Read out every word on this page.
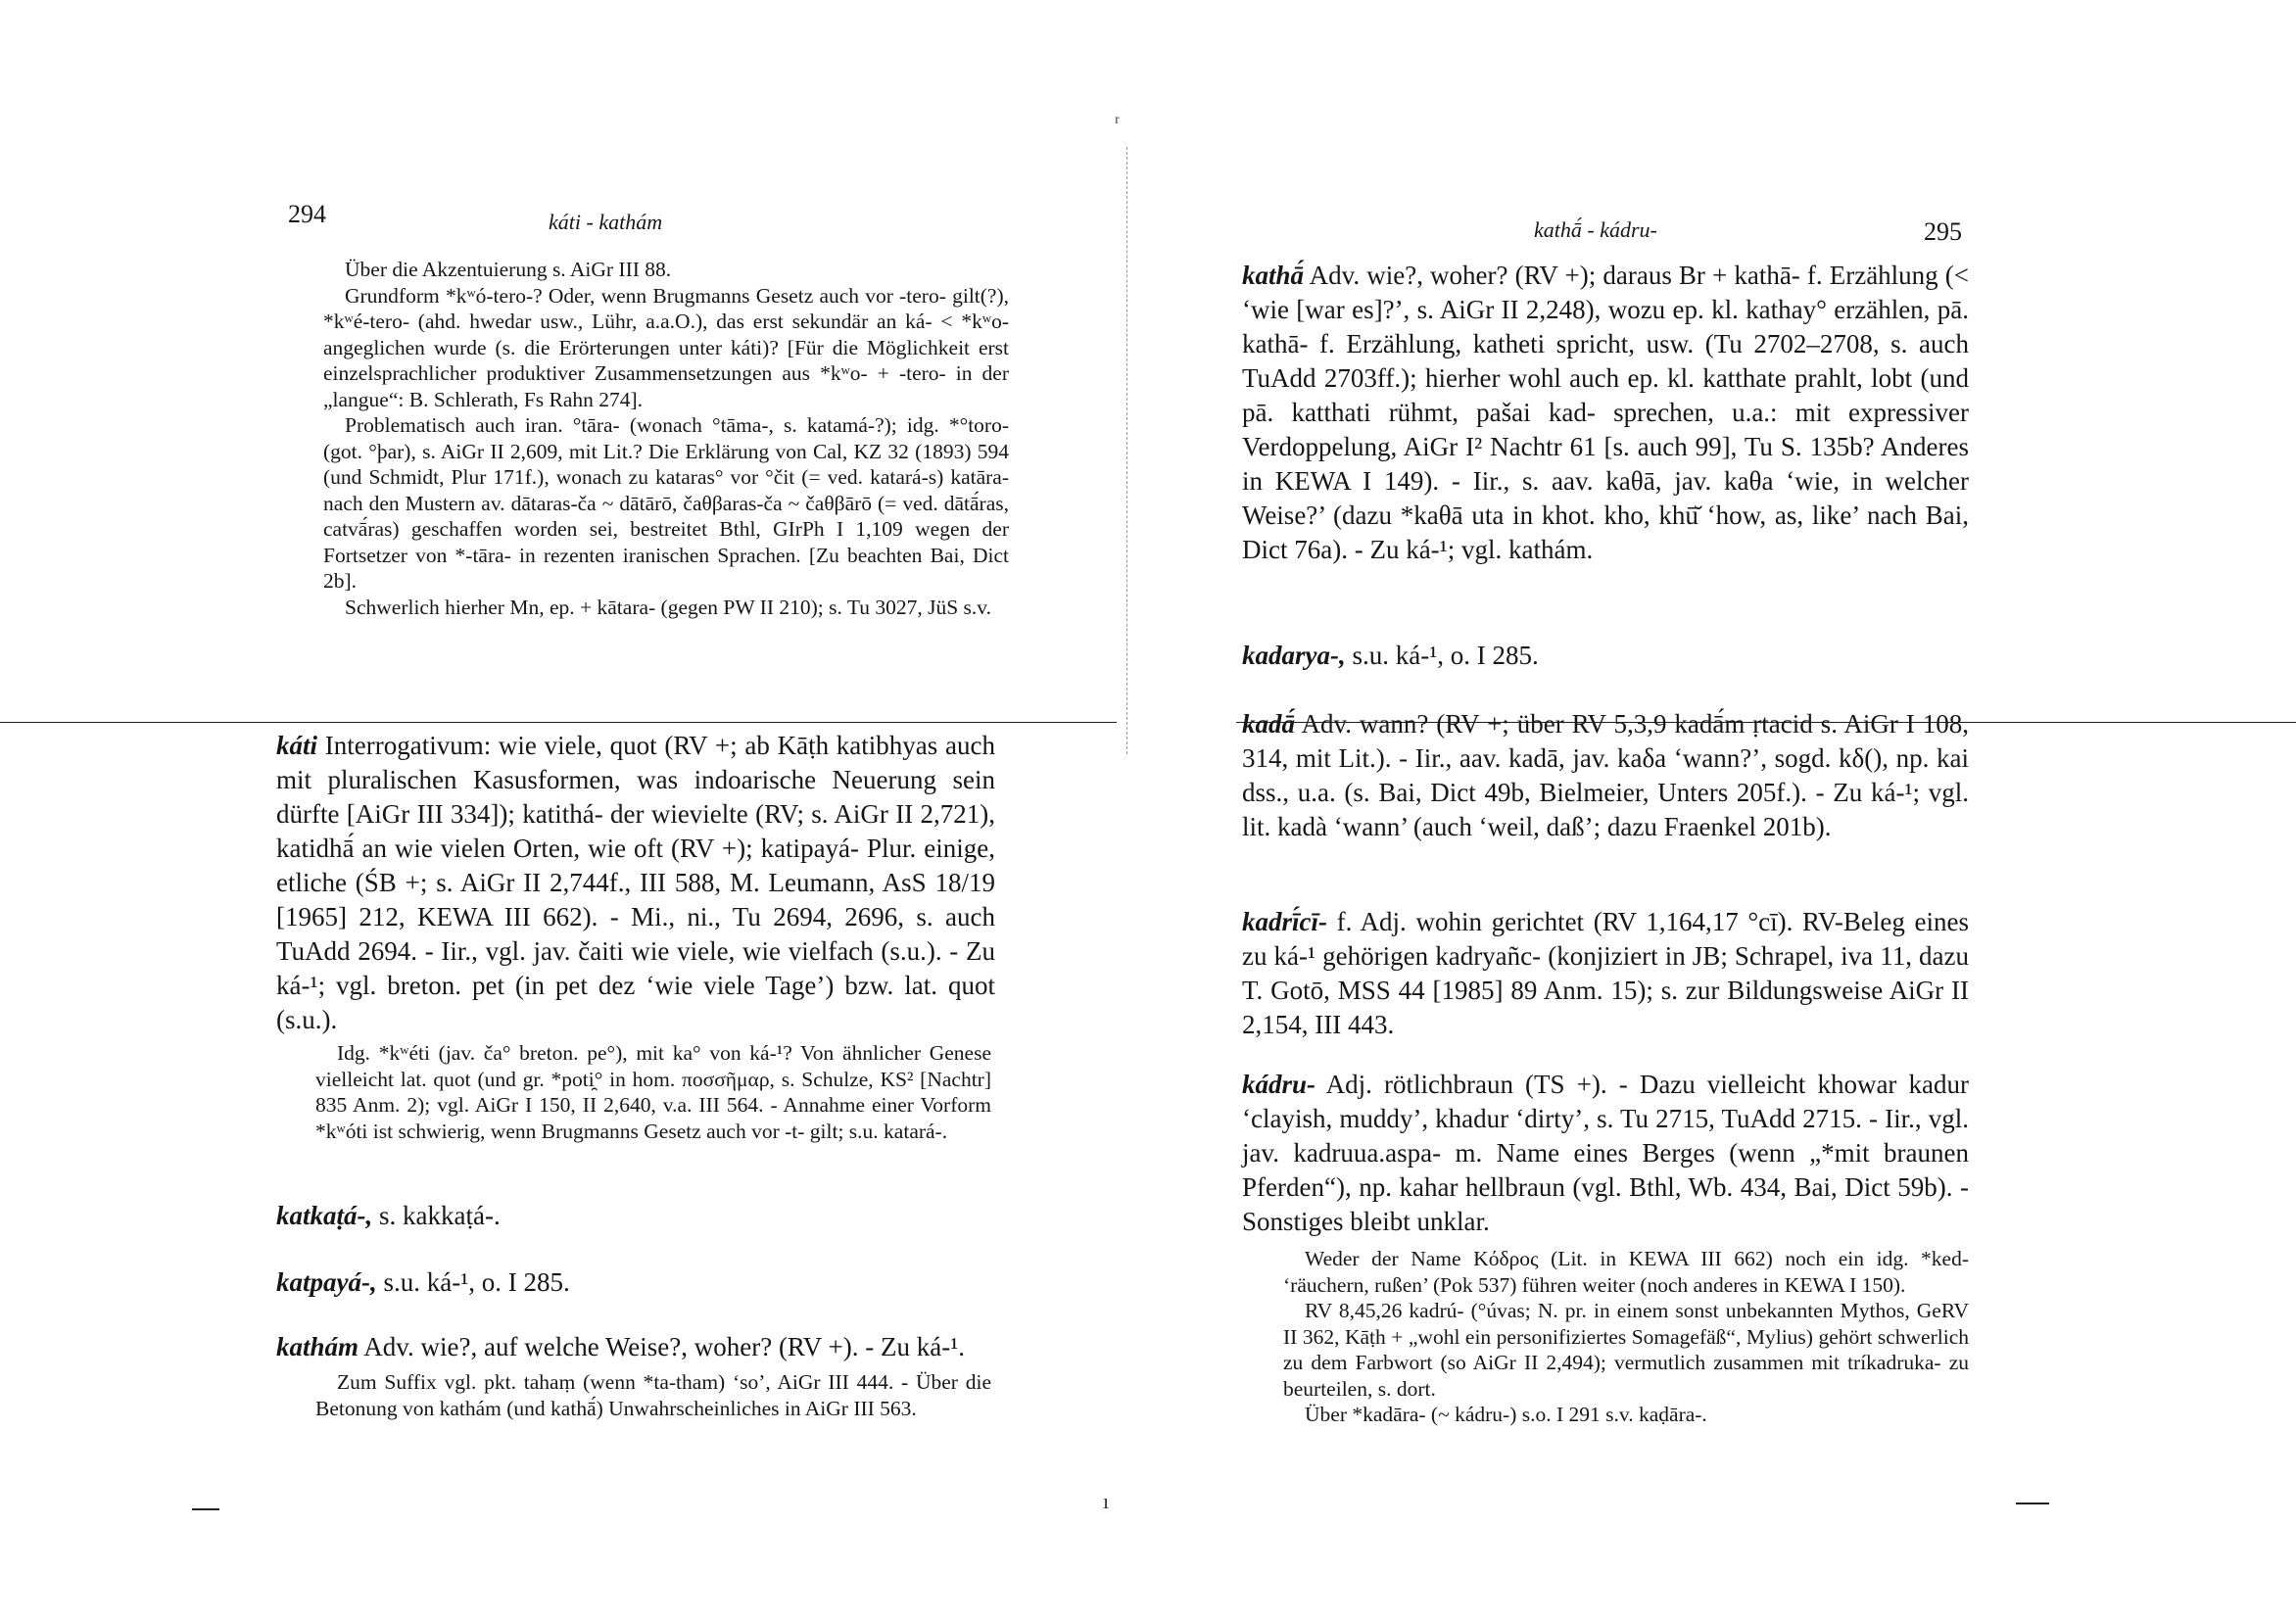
294	káti - kathám

Über die Akzentuierung s. AiGr III 88.

Grundform *kʷó-tero-? Oder, wenn Brugmanns Gesetz auch vor -tero- gilt(?), *kʷé-tero- (ahd. hwedar usw., Lühr, a.a.O.), das erst sekundär an ká- < *kʷo- angeglichen wurde (s. die Erörterungen unter káti)? [Für die Möglichkeit erst einzelsprachlicher produktiver Zusammensetzungen aus *kʷo- + -tero- in der „langue“: B. Schlerath, Fs Rahn 274].

Problematisch auch iran. °tāra- (wonach °tāma-, s. katamá-?); idg. *°toro- (got. °þar), s. AiGr II 2,609, mit Lit.? Die Erklärung von Cal, KZ 32 (1893) 594 (und Schmidt, Plur 171f.), wonach zu kataras° vor °čit (= ved. katará-s) katāra- nach den Mustern av. dātaras-ča ~ dātārō, čaθβaras-ča ~ čaθβārō (= ved. dātā́ras, catvā́ras) geschaffen worden sei, bestreitet Bthl, GIrPh I 1,109 wegen der Fortsetzer von *-tāra- in rezenten iranischen Sprachen. [Zu beachten Bai, Dict 2b].

Schwerlich hierher Mn, ep. + kātara- (gegen PW II 210); s. Tu 3027, JüS s.v.

káti Interrogativum: wie viele, quot (RV +; ab Kāṭh katibhyas auch mit pluralischen Kasusformen, was indoarische Neuerung sein dürfte [AiGr III 334]); katithá- der wievielte (RV; s. AiGr II 2,721), katidhā́ an wie vielen Orten, wie oft (RV +); katipayá- Plur. einige, etliche (ŚB +; s. AiGr II 2,744f., III 588, M. Leumann, AsS 18/19 [1965] 212, KEWA III 662). - Mi., ni., Tu 2694, 2696, s. auch TuAdd 2694. - Iir., vgl. jav. čaiti wie viele, wie vielfach (s.u.). - Zu ká-¹; vgl. breton. pet (in pet dez ‘wie viele Tage’) bzw. lat. quot (s.u.).

Idg. *kʷéti (jav. ča° breton. pe°), mit ka° von ká-¹? Von ähnlicher Genese vielleicht lat. quot (und gr. *poti̯° in hom. ποσσῆμαρ, s. Schulze, KS² [Nachtr] 835 Anm. 2); vgl. AiGr I 150, II 2,640, v.a. III 564. - Annahme einer Vorform *kʷóti ist schwierig, wenn Brugmanns Gesetz auch vor -t- gilt; s.u. katará-.

katkaṭá-, s. kakkaṭá-.

katpayá-, s.u. ká-¹, o. I 285.

kathám Adv. wie?, auf welche Weise?, woher? (RV +). - Zu ká-¹.

Zum Suffix vgl. pkt. tahaṃ (wenn *ta-tham) ‘so’, AiGr III 444. - Über die Betonung von kathám (und kathā́) Unwahrscheinliches in AiGr III 563.

kathā́ - kádru-	295

kathā́ Adv. wie?, woher? (RV +); daraus Br + kathā- f. Erzählung (< ‘wie [war es]?’, s. AiGr II 2,248), wozu ep. kl. kathay° erzählen, pā. kathā- f. Erzählung, katheti spricht, usw. (Tu 2702–2708, s. auch TuAdd 2703ff.); hierher wohl auch ep. kl. katthate prahlt, lobt (und pā. katthati rühmt, pašai kad- sprechen, u.a.: mit expressiver Verdoppelung, AiGr I² Nachtr 61 [s. auch 99], Tu S. 135b? Anderes in KEWA I 149). - Iir., s. aav. kaθā, jav. kaθa ‘wie, in welcher Weise?’ (dazu *kaθā uta in khot. kho, khū̆ ‘how, as, like’ nach Bai, Dict 76a). - Zu ká-¹; vgl. kathám.

kadarya-, s.u. ká-¹, o. I 285.

kadā́ Adv. wann? (RV +; über RV 5,3,9 kadā́m ṛtacid s. AiGr I 108, 314, mit Lit.). - Iir., aav. kadā, jav. kaδa ‘wann?’, sogd. kδ(), np. kai dss., u.a. (s. Bai, Dict 49b, Bielmeier, Unters 205f.). - Zu ká-¹; vgl. lit. kadà ‘wann’ (auch ‘weil, daß’; dazu Fraenkel 201b).

kadrī́cī- f. Adj. wohin gerichtet (RV 1,164,17 °cī). RV-Beleg eines zu ká-¹ gehörigen kadryañc- (konjiziert in JB; Schrapel, iva 11, dazu T. Gotō, MSS 44 [1985] 89 Anm. 15); s. zur Bildungsweise AiGr II 2,154, III 443.

kádru- Adj. rötlichbraun (TS +). - Dazu vielleicht khowar kadur ‘clayish, muddy’, khadur ‘dirty’, s. Tu 2715, TuAdd 2715. - Iir., vgl. jav. kadruua.aspa- m. Name eines Berges (wenn „*mit braunen Pferden“), np. kahar hellbraun (vgl. Bthl, Wb. 434, Bai, Dict 59b). - Sonstiges bleibt unklar.

Weder der Name Κόδρος (Lit. in KEWA III 662) noch ein idg. *ked- ‘räuchern, rußen’ (Pok 537) führen weiter (noch anderes in KEWA I 150).

RV 8,45,26 kadrú- (°úvas; N. pr. in einem sonst unbekannten Mythos, GeRV II 362, Kāṭh + „wohl ein personifiziertes Somagefäß“, Mylius) gehört schwerlich zu dem Farbwort (so AiGr II 2,494); vermutlich zusammen mit tríkadruka- zu beurteilen, s. dort.

Über *kadāra- (~ kádru-) s.o. I 291 s.v. kaḍāra-.

ʳ
ı
